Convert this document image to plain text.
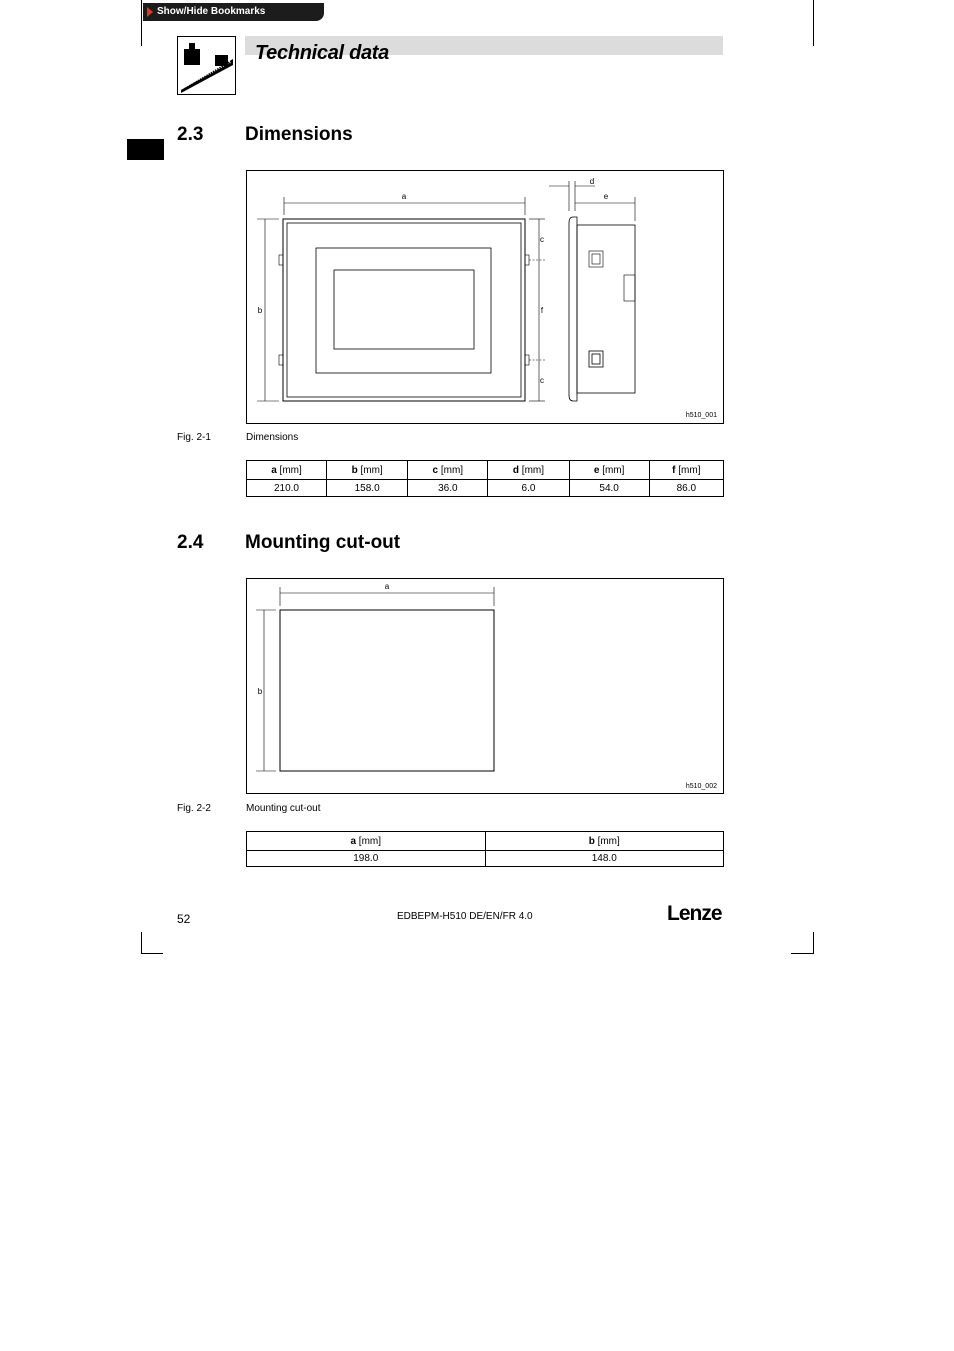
Show/Hide Bookmarks
Technical data
2.3 Dimensions
a
b
c
f
c
d
e
h510_001
Fig. 2-1	Dimensions
a [mm]	b [mm]	c [mm]	d [mm]	e [mm]	f [mm]
210.0	158.0	36.0	6.0	54.0	86.0
2.4 Mounting cut-out
a
b
h510_002
Fig. 2-2	Mounting cut-out
a [mm]	b [mm]
198.0	148.0
52	EDBEPM-H510 DE/EN/FR 4.0	Lenze
